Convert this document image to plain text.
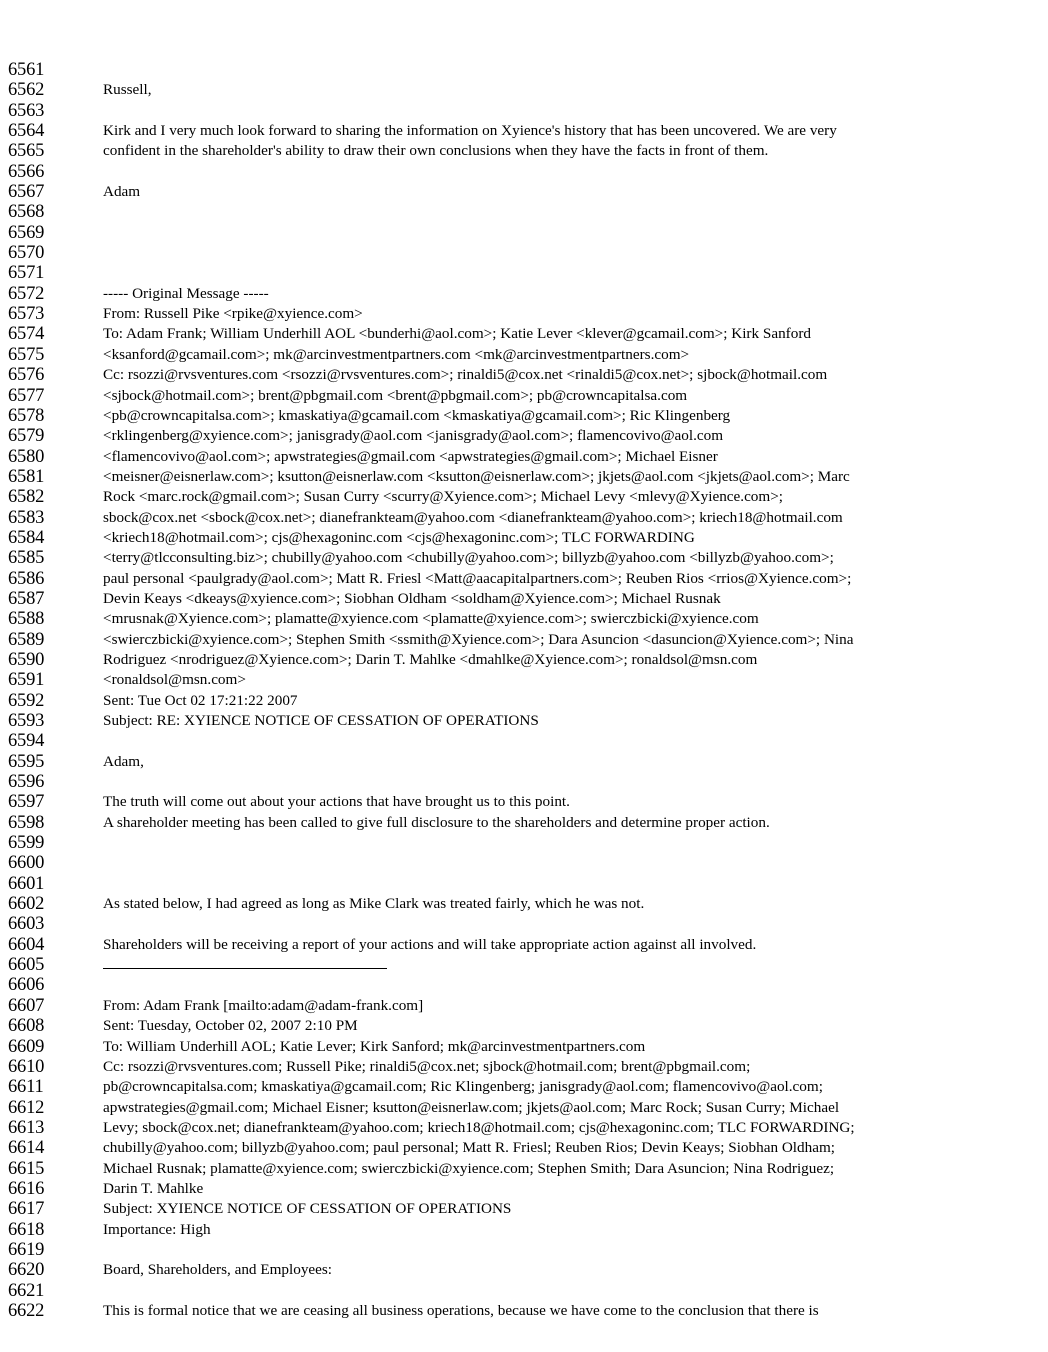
6561
6562	Russell,
6563
6564	Kirk and I very much look forward to sharing the information on Xyience's history that has been uncovered. We are very
6565	confident in the shareholder's ability to draw their own conclusions when they have the facts in front of them.
6566
6567	Adam
6568
6569
6570
6571
6572	----- Original Message -----
6573	From: Russell Pike <rpike@xyience.com>
6574	To: Adam Frank; William Underhill AOL <bunderhi@aol.com>; Katie Lever <klever@gcamail.com>; Kirk Sanford
6575	<ksanford@gcamail.com>; mk@arcinvestmentpartners.com <mk@arcinvestmentpartners.com>
6576	Cc: rsozzi@rvsventures.com <rsozzi@rvsventures.com>; rinaldi5@cox.net <rinaldi5@cox.net>; sjbock@hotmail.com
6577	<sjbock@hotmail.com>; brent@pbgmail.com <brent@pbgmail.com>; pb@crowncapitalsa.com
6578	<pb@crowncapitalsa.com>; kmaskatiya@gcamail.com <kmaskatiya@gcamail.com>; Ric Klingenberg
6579	<rklingenberg@xyience.com>; janisgrady@aol.com <janisgrady@aol.com>; flamencovivo@aol.com
6580	<flamencovivo@aol.com>; apwstrategies@gmail.com <apwstrategies@gmail.com>; Michael Eisner
6581	<meisner@eisnerlaw.com>; ksutton@eisnerlaw.com <ksutton@eisnerlaw.com>; jkjets@aol.com <jkjets@aol.com>; Marc
6582	Rock <marc.rock@gmail.com>; Susan Curry <scurry@Xyience.com>; Michael Levy <mlevy@Xyience.com>;
6583	sbock@cox.net <sbock@cox.net>; dianefrankteam@yahoo.com <dianefrankteam@yahoo.com>; kriech18@hotmail.com
6584	<kriech18@hotmail.com>; cjs@hexagoninc.com <cjs@hexagoninc.com>; TLC FORWARDING
6585	<terry@tlcconsulting.biz>; chubilly@yahoo.com <chubilly@yahoo.com>; billyzb@yahoo.com <billyzb@yahoo.com>;
6586	paul personal <paulgrady@aol.com>; Matt R. Friesl <Matt@aacapitalpartners.com>; Reuben Rios <rrios@Xyience.com>;
6587	Devin Keays <dkeays@xyience.com>; Siobhan Oldham <soldham@Xyience.com>; Michael Rusnak
6588	<mrusnak@Xyience.com>; plamatte@xyience.com <plamatte@xyience.com>; swierczbicki@xyience.com
6589	<swierczbicki@xyience.com>; Stephen Smith <ssmith@Xyience.com>; Dara Asuncion <dasuncion@Xyience.com>; Nina
6590	Rodriguez <nrodriguez@Xyience.com>; Darin T. Mahlke <dmahlke@Xyience.com>; ronaldsol@msn.com
6591	<ronaldsol@msn.com>
6592	Sent: Tue Oct 02 17:21:22 2007
6593	Subject: RE: XYIENCE NOTICE OF CESSATION OF OPERATIONS
6594
6595	Adam,
6596
6597	The truth will come out about your actions that have brought us to this point.
6598	A shareholder meeting has been called to give full disclosure to the shareholders and determine proper action.
6599
6600
6601
6602	As stated below, I had agreed as long as Mike Clark was treated fairly, which he was not.
6603
6604	Shareholders will be receiving a report of your actions and will take appropriate action against all involved.
6605
6606
6607	From: Adam Frank [mailto:adam@adam-frank.com]
6608	Sent: Tuesday, October 02, 2007 2:10 PM
6609	To: William Underhill AOL; Katie Lever; Kirk Sanford; mk@arcinvestmentpartners.com
6610	Cc: rsozzi@rvsventures.com; Russell Pike; rinaldi5@cox.net; sjbock@hotmail.com; brent@pbgmail.com;
6611	pb@crowncapitalsa.com; kmaskatiya@gcamail.com; Ric Klingenberg; janisgrady@aol.com; flamencovivo@aol.com;
6612	apwstrategies@gmail.com; Michael Eisner; ksutton@eisnerlaw.com; jkjets@aol.com; Marc Rock; Susan Curry; Michael
6613	Levy; sbock@cox.net; dianefrankteam@yahoo.com; kriech18@hotmail.com; cjs@hexagoninc.com; TLC FORWARDING;
6614	chubilly@yahoo.com; billyzb@yahoo.com; paul personal; Matt R. Friesl; Reuben Rios; Devin Keays; Siobhan Oldham;
6615	Michael Rusnak; plamatte@xyience.com; swierczbicki@xyience.com; Stephen Smith; Dara Asuncion; Nina Rodriguez;
6616	Darin T. Mahlke
6617	Subject: XYIENCE NOTICE OF CESSATION OF OPERATIONS
6618	Importance: High
6619
6620	Board, Shareholders, and Employees:
6621
6622	This is formal notice that we are ceasing all business operations, because we have come to the conclusion that there is
